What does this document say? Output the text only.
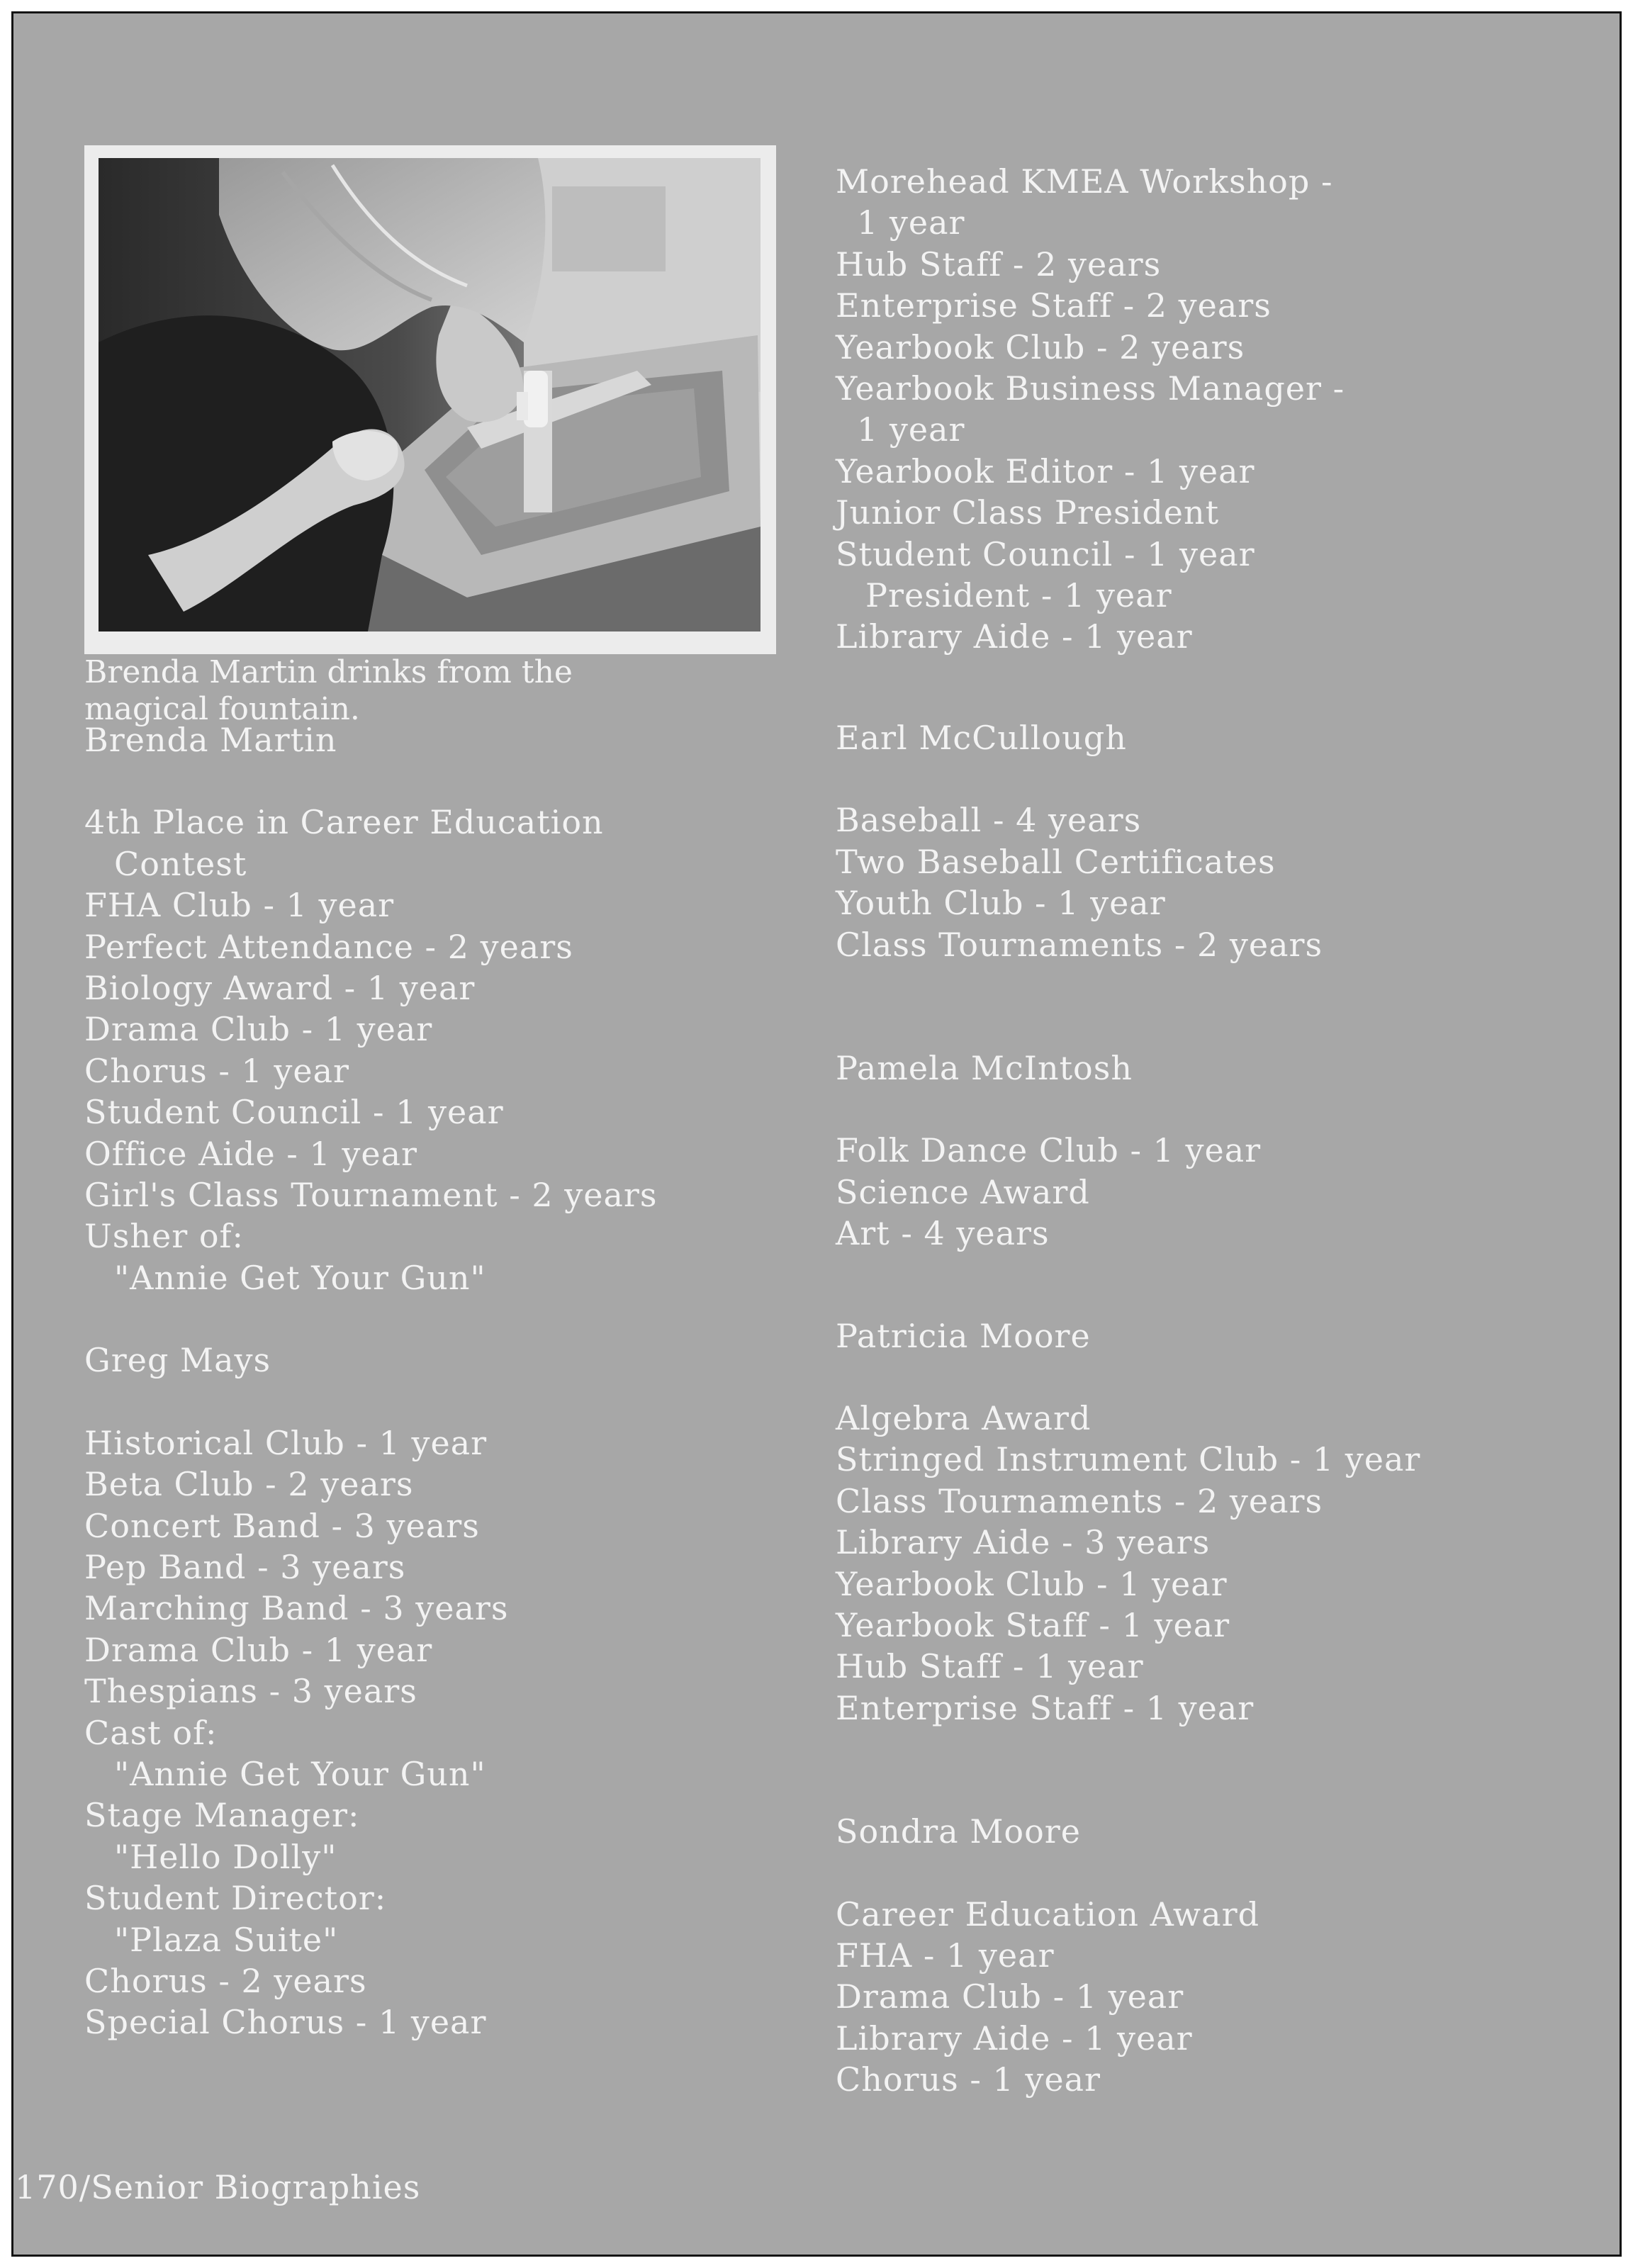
Brenda Martin drinks from the
magical fountain.
Brenda Martin
4th Place in Career Education
Contest
FHA Club - 1 year
Perfect Attendance - 2 years
Biology Award - 1 year
Drama Club - 1 year
Chorus - 1 year
Student Council - 1 year
Office Aide - 1 year
Girl's Class Tournament - 2 years
Usher of:
"Annie Get Your Gun"
Greg Mays
Historical Club - 1 year
Beta Club - 2 years
Concert Band - 3 years
Pep Band - 3 years
Marching Band - 3 years
Drama Club - 1 year
Thespians - 3 years
Cast of:
"Annie Get Your Gun"
Stage Manager:
"Hello Dolly"
Student Director:
"Plaza Suite"
Chorus - 2 years
Special Chorus - 1 year
Morehead KMEA Workshop -
1 year
Hub Staff - 2 years
Enterprise Staff - 2 years
Yearbook Club - 2 years
Yearbook Business Manager -
1 year
Yearbook Editor - 1 year
Junior Class President
Student Council - 1 year
President - 1 year
Library Aide - 1 year
Earl McCullough
Baseball - 4 years
Two Baseball Certificates
Youth Club - 1 year
Class Tournaments - 2 years
Pamela McIntosh
Folk Dance Club - 1 year
Science Award
Art - 4 years
Patricia Moore
Algebra Award
Stringed Instrument Club - 1 year
Class Tournaments - 2 years
Library Aide - 3 years
Yearbook Club - 1 year
Yearbook Staff - 1 year
Hub Staff - 1 year
Enterprise Staff - 1 year
Sondra Moore
Career Education Award
FHA - 1 year
Drama Club - 1 year
Library Aide - 1 year
Chorus - 1 year
170/Senior Biographies
